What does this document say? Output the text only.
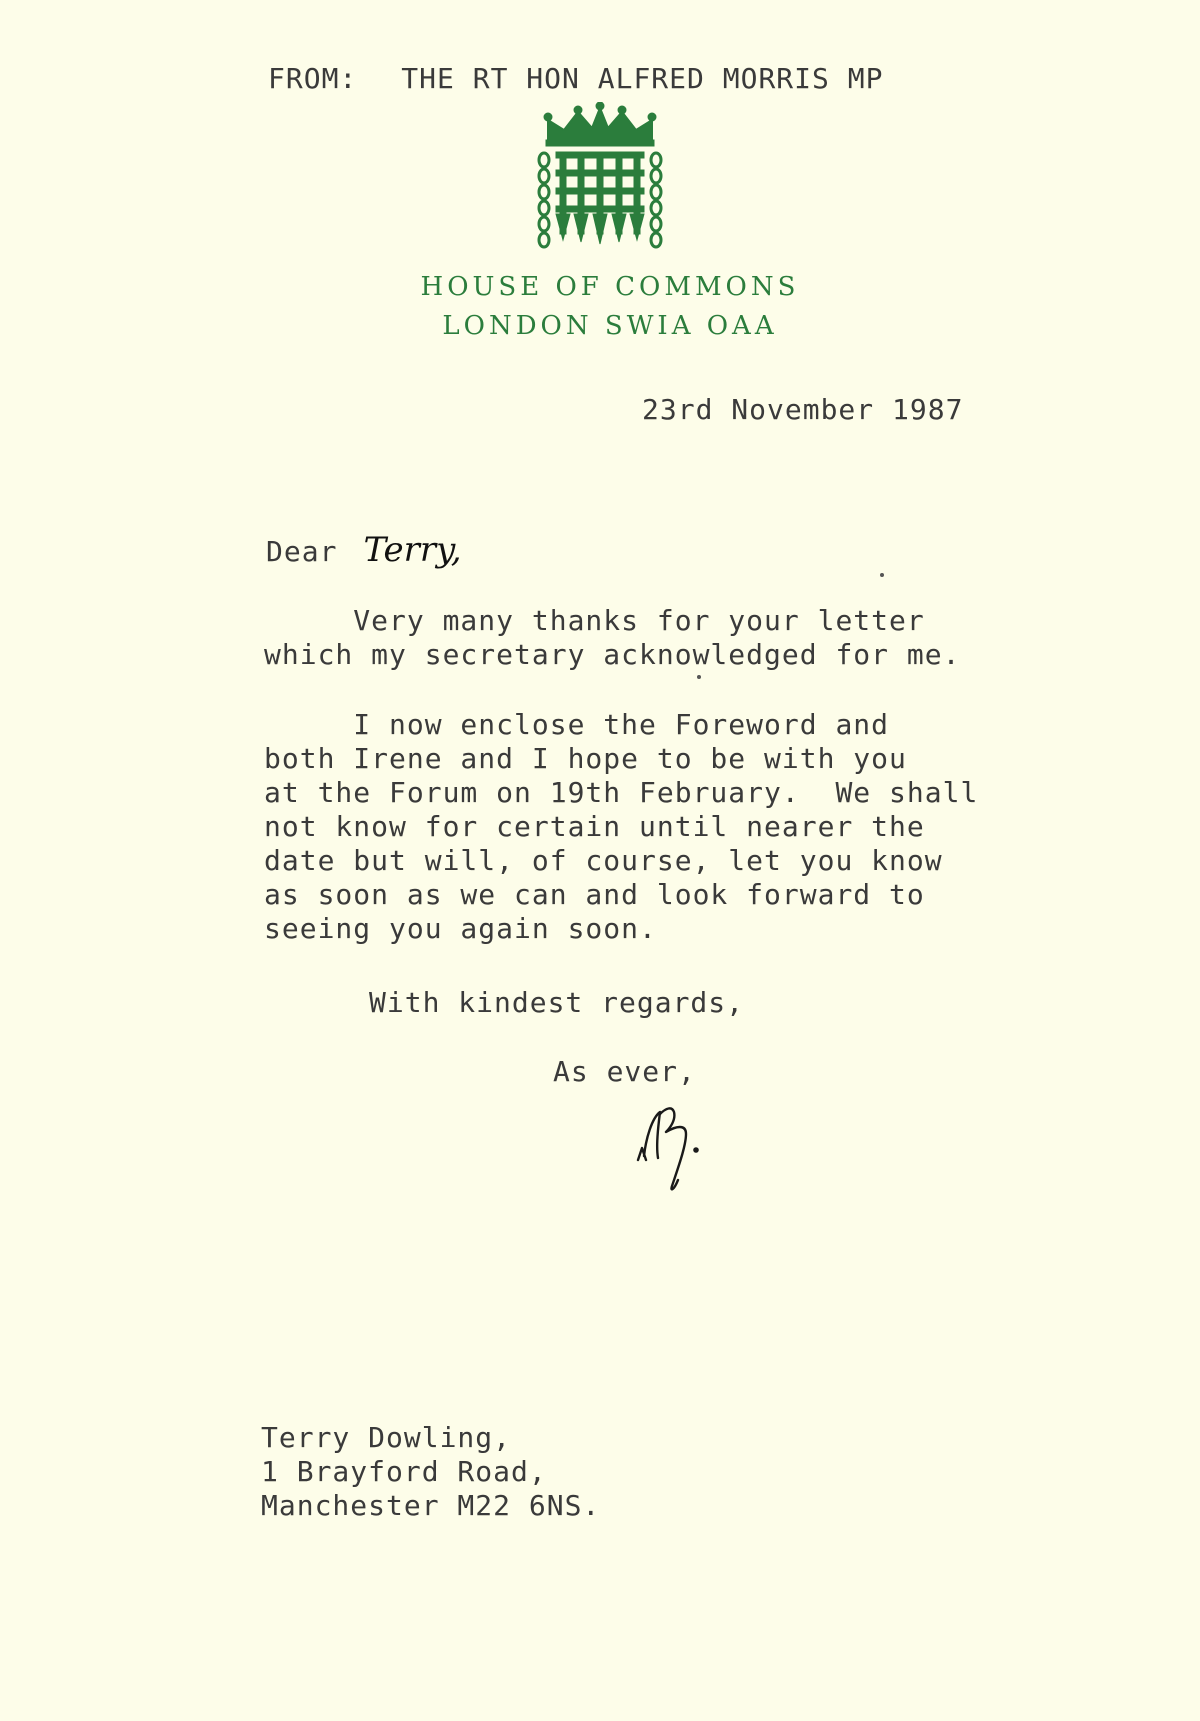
FROM: THE RT HON ALFRED MORRIS MP
HOUSE OF COMMONS
LONDON SWIA OAA
23rd November 1987
Dear Terry,

Very many thanks for your letter
which my secretary acknowledged for me.

I now enclose the Foreword and
both Irene and I hope to be with you
at the Forum on 19th February.  We shall
not know for certain until nearer the
date but will, of course, let you know
as soon as we can and look forward to
seeing you again soon.

With kindest regards,
As ever,
Terry Dowling,
1 Brayford Road,
Manchester M22 6NS.
